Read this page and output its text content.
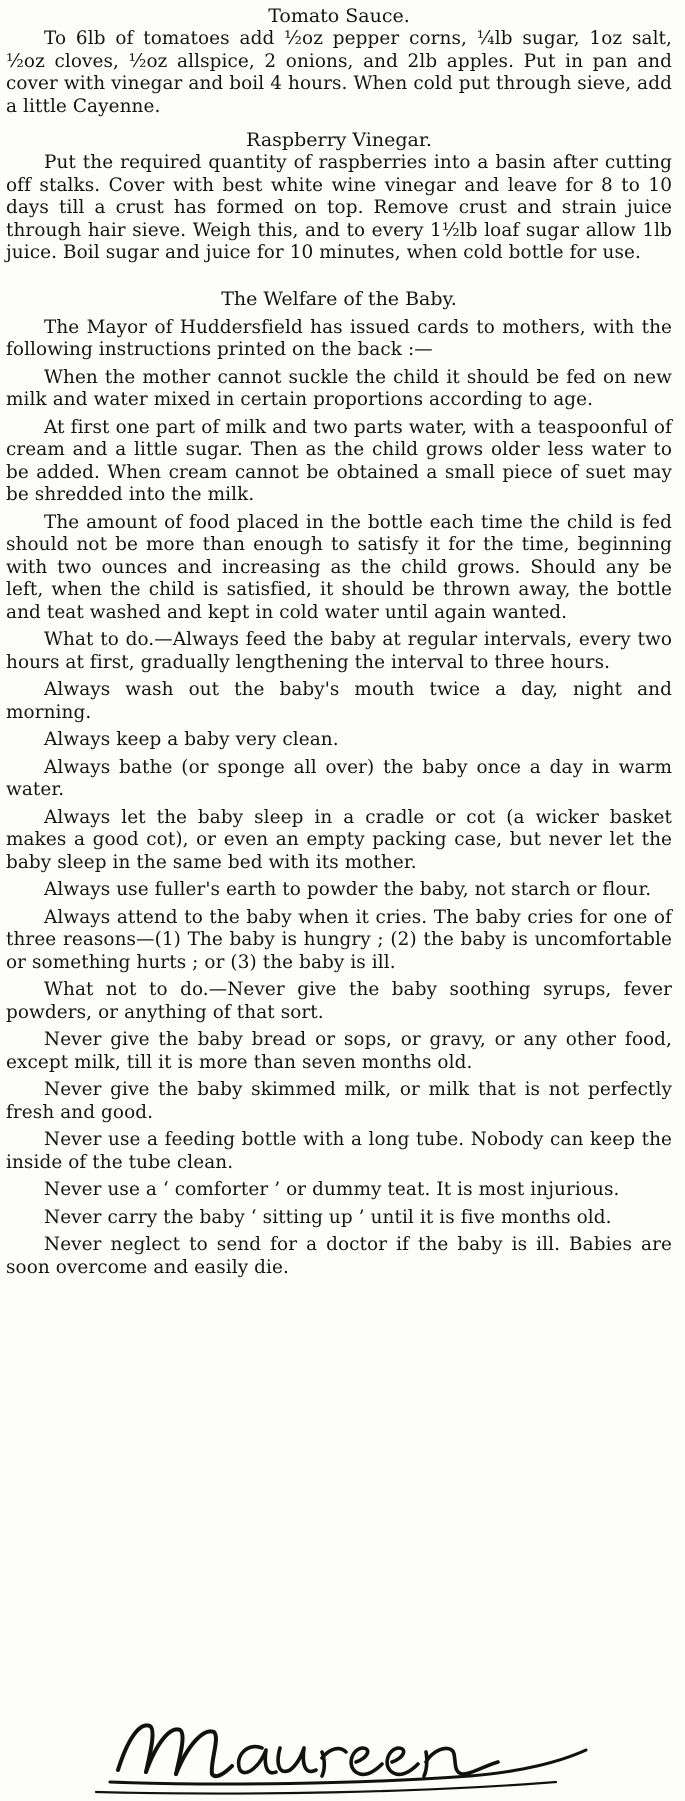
Tomato Sauce.

To 6lb of tomatoes add ½oz pepper corns, ¼lb sugar, 1oz salt, ½oz cloves, ½oz allspice, 2 onions, and 2lb apples. Put in pan and cover with vinegar and boil 4 hours. When cold put through sieve, add a little Cayenne.

Raspberry Vinegar.

Put the required quantity of raspberries into a basin after cutting off stalks. Cover with best white wine vinegar and leave for 8 to 10 days till a crust has formed on top. Remove crust and strain juice through hair sieve. Weigh this, and to every 1½lb loaf sugar allow 1lb juice. Boil sugar and juice for 10 minutes, when cold bottle for use.

The Welfare of the Baby.

The Mayor of Huddersfield has issued cards to mothers, with the following instructions printed on the back :—

When the mother cannot suckle the child it should be fed on new milk and water mixed in certain proportions according to age.

At first one part of milk and two parts water, with a teaspoonful of cream and a little sugar. Then as the child grows older less water to be added. When cream cannot be obtained a small piece of suet may be shredded into the milk.

The amount of food placed in the bottle each time the child is fed should not be more than enough to satisfy it for the time, beginning with two ounces and increasing as the child grows. Should any be left, when the child is satisfied, it should be thrown away, the bottle and teat washed and kept in cold water until again wanted.

What to do.—Always feed the baby at regular intervals, every two hours at first, gradually lengthening the interval to three hours.

Always wash out the baby's mouth twice a day, night and morning.

Always keep a baby very clean.

Always bathe (or sponge all over) the baby once a day in warm water.

Always let the baby sleep in a cradle or cot (a wicker basket makes a good cot), or even an empty packing case, but never let the baby sleep in the same bed with its mother.

Always use fuller's earth to powder the baby, not starch or flour.

Always attend to the baby when it cries. The baby cries for one of three reasons—(1) The baby is hungry ; (2) the baby is uncomfortable or something hurts ; or (3) the baby is ill.

What not to do.—Never give the baby soothing syrups, fever powders, or anything of that sort.

Never give the baby bread or sops, or gravy, or any other food, except milk, till it is more than seven months old.

Never give the baby skimmed milk, or milk that is not perfectly fresh and good.

Never use a feeding bottle with a long tube. Nobody can keep the inside of the tube clean.

Never use a ‘ comforter ’ or dummy teat. It is most injurious.

Never carry the baby ‘ sitting up ’ until it is five months old.

Never neglect to send for a doctor if the baby is ill. Babies are soon overcome and easily die.

Maureen
